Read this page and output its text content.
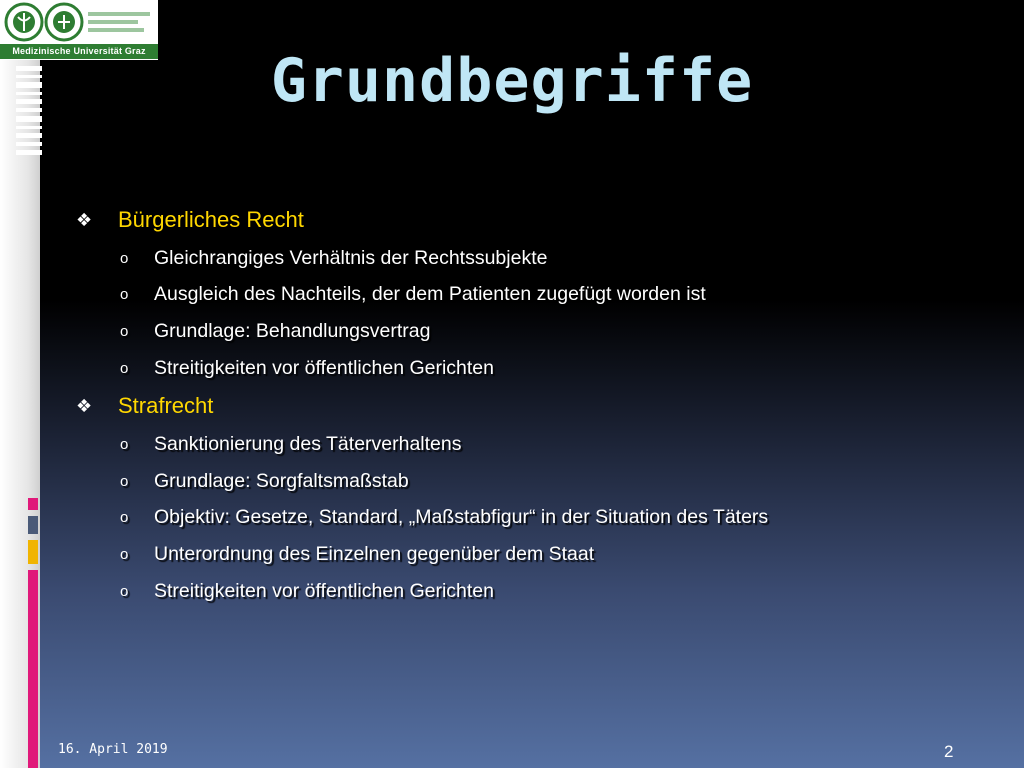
Medizinische Universität Graz	Grundbegriffe
❖	Bürgerliches Recht
o	Gleichrangiges Verhältnis der Rechtssubjekte
o	Ausgleich des Nachteils, der dem Patienten zugefügt worden ist
o	Grundlage: Behandlungsvertrag
o	Streitigkeiten vor öffentlichen Gerichten
❖	Strafrecht
o	Sanktionierung des Täterverhaltens
o	Grundlage: Sorgfaltsmaßstab
o	Objektiv: Gesetze, Standard, „Maßstabfigur“ in der Situation des Täters
o	Unterordnung des Einzelnen gegenüber dem Staat
o	Streitigkeiten vor öffentlichen Gerichten
16. April 2019	2
